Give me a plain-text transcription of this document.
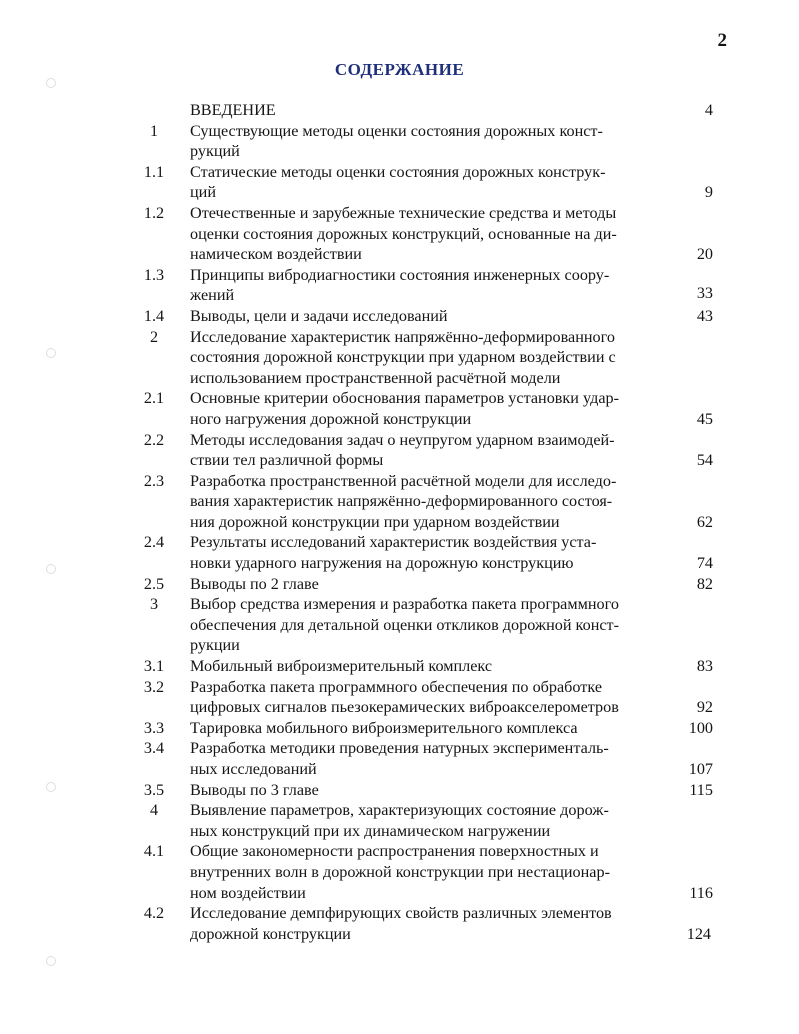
2
СОДЕРЖАНИЕ
ВВЕДЕНИЕ	4
1	Существующие методы оценки состояния дорожных конст-
рукций
1.1	Статические методы оценки состояния дорожных конструк-
ций	9
1.2	Отечественные и зарубежные технические средства и методы
оценки состояния дорожных конструкций, основанные на ди-
намическом воздействии	20
1.3	Принципы вибродиагностики состояния инженерных соору-
жений	33
1.4	Выводы, цели и задачи исследований	43
2	Исследование характеристик напряжённо-деформированного
состояния дорожной конструкции при ударном воздействии с
использованием пространственной расчётной модели
2.1	Основные критерии обоснования параметров установки удар-
ного нагружения дорожной конструкции	45
2.2	Методы исследования задач о неупругом ударном взаимодей-
ствии тел различной формы	54
2.3	Разработка пространственной расчётной модели для исследо-
вания характеристик напряжённо-деформированного состоя-
ния дорожной конструкции при ударном воздействии	62
2.4	Результаты исследований характеристик воздействия уста-
новки ударного нагружения на дорожную конструкцию	74
2.5	Выводы по 2 главе	82
3	Выбор средства измерения и разработка пакета программного
обеспечения для детальной оценки откликов дорожной конст-
рукции
3.1	Мобильный виброизмерительный комплекс	83
3.2	Разработка пакета программного обеспечения по обработке
цифровых сигналов пьезокерамических виброакселерометров	92
3.3	Тарировка мобильного виброизмерительного комплекса	100
3.4	Разработка методики проведения натурных эксперименталь-
ных исследований	107
3.5	Выводы по 3 главе	115
4	Выявление параметров, характеризующих состояние дорож-
ных конструкций при их динамическом нагружении
4.1	Общие закономерности распространения поверхностных и
внутренних волн в дорожной конструкции при нестационар-
ном воздействии	116
4.2	Исследование демпфирующих свойств различных элементов
дорожной конструкции	124
